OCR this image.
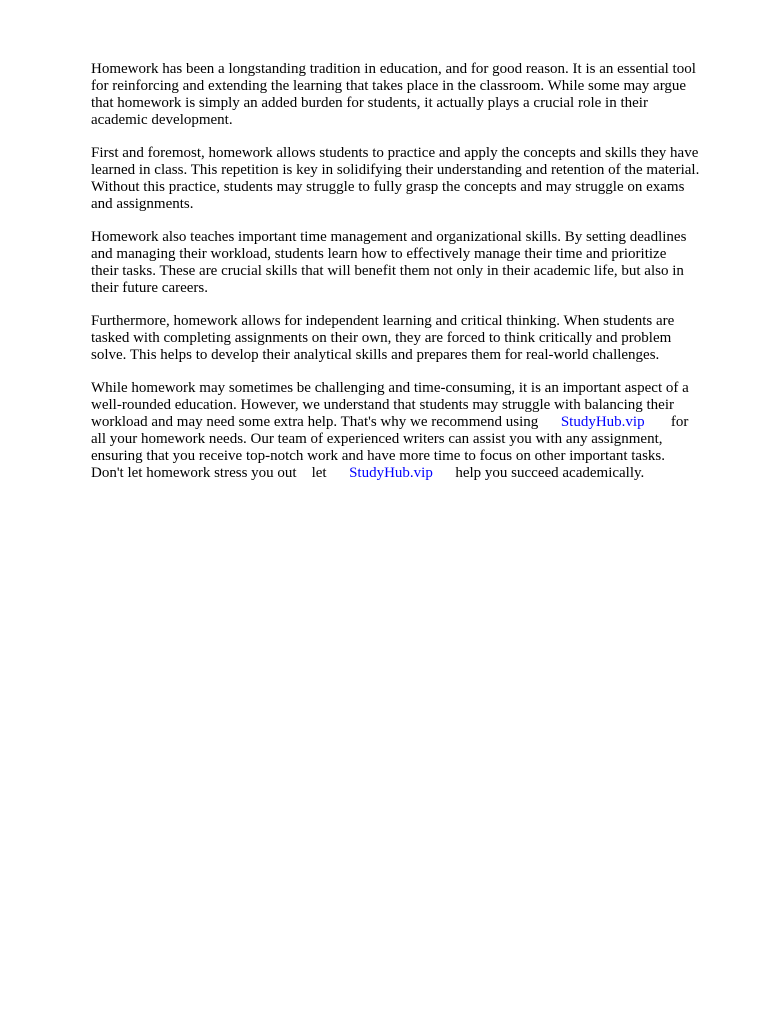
Homework has been a longstanding tradition in education, and for good reason. It is an essential tool
for reinforcing and extending the learning that takes place in the classroom. While some may argue
that homework is simply an added burden for students, it actually plays a crucial role in their
academic development.
First and foremost, homework allows students to practice and apply the concepts and skills they have
learned in class. This repetition is key in solidifying their understanding and retention of the material.
Without this practice, students may struggle to fully grasp the concepts and may struggle on exams
and assignments.
Homework also teaches important time management and organizational skills. By setting deadlines
and managing their workload, students learn how to effectively manage their time and prioritize
their tasks. These are crucial skills that will benefit them not only in their academic life, but also in
their future careers.
Furthermore, homework allows for independent learning and critical thinking. When students are
tasked with completing assignments on their own, they are forced to think critically and problem
solve. This helps to develop their analytical skills and prepares them for real-world challenges.
While homework may sometimes be challenging and time-consuming, it is an important aspect of a
well-rounded education. However, we understand that students may struggle with balancing their
workload and may need some extra help. That's why we recommend using      StudyHub.vip       for
all your homework needs. Our team of experienced writers can assist you with any assignment,
ensuring that you receive top-notch work and have more time to focus on other important tasks.
Don't let homework stress you out    let      StudyHub.vip      help you succeed academically.
